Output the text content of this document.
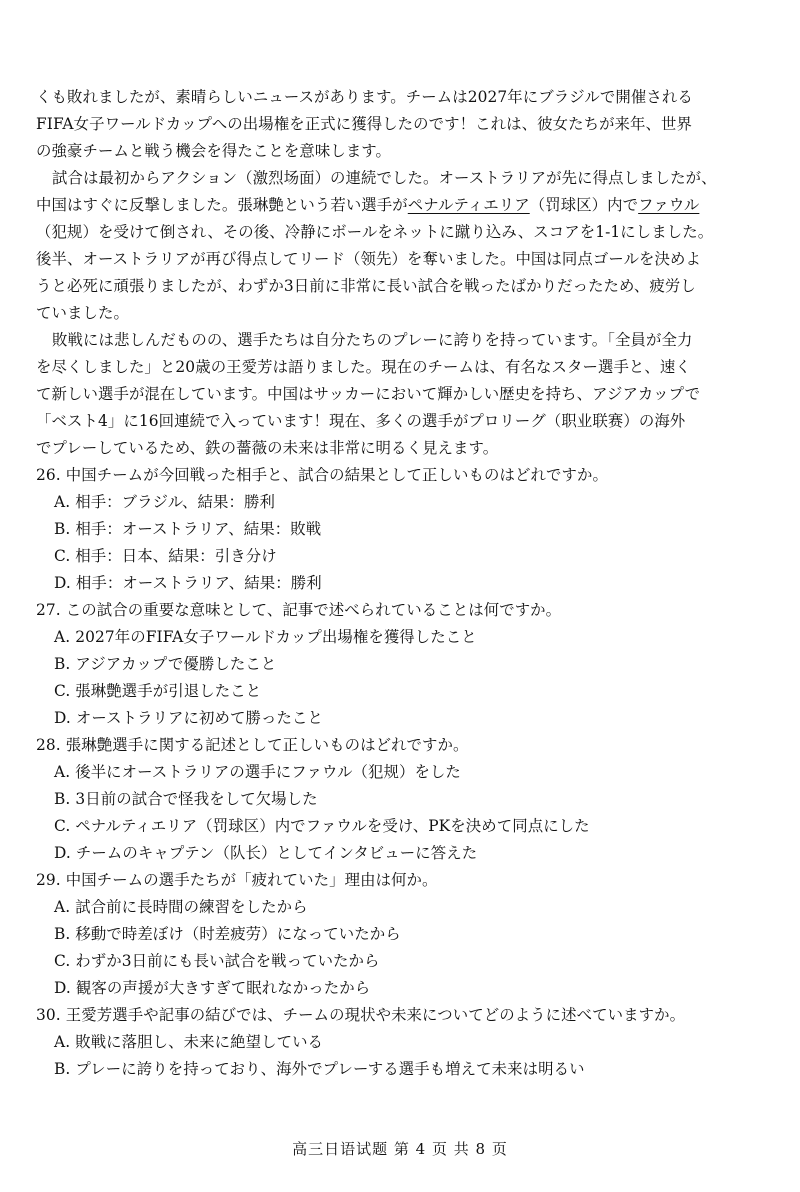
くも敗れましたが、素晴らしいニュースがあります。チームは2027年にブラジルで開催される
FIFA女子ワールドカップへの出場権を正式に獲得したのです！これは、彼女たちが来年、世界
の強豪チームと戦う機会を得たことを意味します。
試合は最初からアクション（激烈场面）の連続でした。オーストラリアが先に得点しましたが、
中国はすぐに反撃しました。張琳艶という若い選手がペナルティエリア（罚球区）内でファウル
（犯规）を受けて倒され、その後、冷静にボールをネットに蹴り込み、スコアを1-1にしました。
後半、オーストラリアが再び得点してリード（领先）を奪いました。中国は同点ゴールを決めよ
うと必死に頑張りましたが、わずか3日前に非常に長い試合を戦ったばかりだったため、疲労し
ていました。
敗戦には悲しんだものの、選手たちは自分たちのプレーに誇りを持っています。「全員が全力
を尽くしました」と20歳の王愛芳は語りました。現在のチームは、有名なスター選手と、速く
て新しい選手が混在しています。中国はサッカーにおいて輝かしい歴史を持ち、アジアカップで
「ベスト4」に16回連続で入っています！現在、多くの選手がプロリーグ（职业联赛）の海外
でプレーしているため、鉄の薔薇の未来は非常に明るく見えます。
26. 中国チームが今回戦った相手と、試合の結果として正しいものはどれですか。
A. 相手：ブラジル、結果：勝利
B. 相手：オーストラリア、結果：敗戦
C. 相手：日本、結果：引き分け
D. 相手：オーストラリア、結果：勝利
27. この試合の重要な意味として、記事で述べられていることは何ですか。
A. 2027年のFIFA女子ワールドカップ出場権を獲得したこと
B. アジアカップで優勝したこと
C. 張琳艶選手が引退したこと
D. オーストラリアに初めて勝ったこと
28. 張琳艶選手に関する記述として正しいものはどれですか。
A. 後半にオーストラリアの選手にファウル（犯规）をした
B. 3日前の試合で怪我をして欠場した
C. ペナルティエリア（罚球区）内でファウルを受け、PKを決めて同点にした
D. チームのキャプテン（队长）としてインタビューに答えた
29. 中国チームの選手たちが「疲れていた」理由は何か。
A. 試合前に長時間の練習をしたから
B. 移動で時差ぼけ（时差疲劳）になっていたから
C. わずか3日前にも長い試合を戦っていたから
D. 観客の声援が大きすぎて眠れなかったから
30. 王愛芳選手や記事の結びでは、チームの現状や未来についてどのように述べていますか。
A. 敗戦に落胆し、未来に絶望している
B. プレーに誇りを持っており、海外でプレーする選手も増えて未来は明るい
高三日语试题 第 4 页 共 8 页
